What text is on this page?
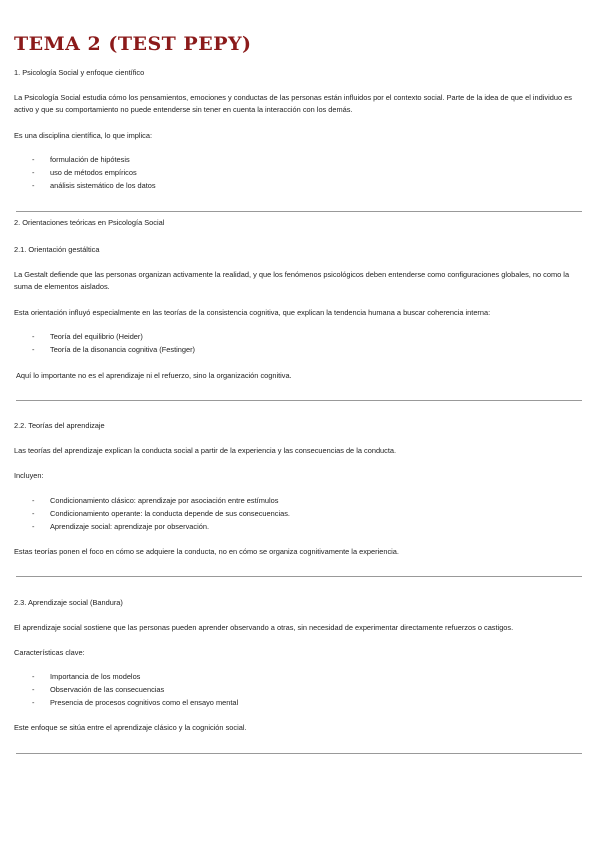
TEMA 2 (TEST PEPY)

1. Psicología Social y enfoque científico

La Psicología Social estudia cómo los pensamientos, emociones y conductas de las personas están influidos por el contexto social. Parte de la idea de que el individuo es activo y que su comportamiento no puede entenderse sin tener en cuenta la interacción con los demás.

Es una disciplina científica, lo que implica:

- formulación de hipótesis

- uso de métodos empíricos

- análisis sistemático de los datos

2. Orientaciones teóricas en Psicología Social

2.1. Orientación gestáltica

La Gestalt defiende que las personas organizan activamente la realidad, y que los fenómenos psicológicos deben entenderse como configuraciones globales, no como la suma de elementos aislados.

Esta orientación influyó especialmente en las teorías de la consistencia cognitiva, que explican la tendencia humana a buscar coherencia interna:

- Teoría del equilibrio (Heider)

- Teoría de la disonancia cognitiva (Festinger)

Aquí lo importante no es el aprendizaje ni el refuerzo, sino la organización cognitiva.

2.2. Teorías del aprendizaje

Las teorías del aprendizaje explican la conducta social a partir de la experiencia y las consecuencias de la conducta.

Incluyen:

- Condicionamiento clásico: aprendizaje por asociación entre estímulos

- Condicionamiento operante: la conducta depende de sus consecuencias.

- Aprendizaje social: aprendizaje por observación.

Estas teorías ponen el foco en cómo se adquiere la conducta, no en cómo se organiza cognitivamente la experiencia.

2.3. Aprendizaje social (Bandura)

El aprendizaje social sostiene que las personas pueden aprender observando a otras, sin necesidad de experimentar directamente refuerzos o castigos.

Características clave:

- Importancia de los modelos

- Observación de las consecuencias

- Presencia de procesos cognitivos como el ensayo mental

Este enfoque se sitúa entre el aprendizaje clásico y la cognición social.
